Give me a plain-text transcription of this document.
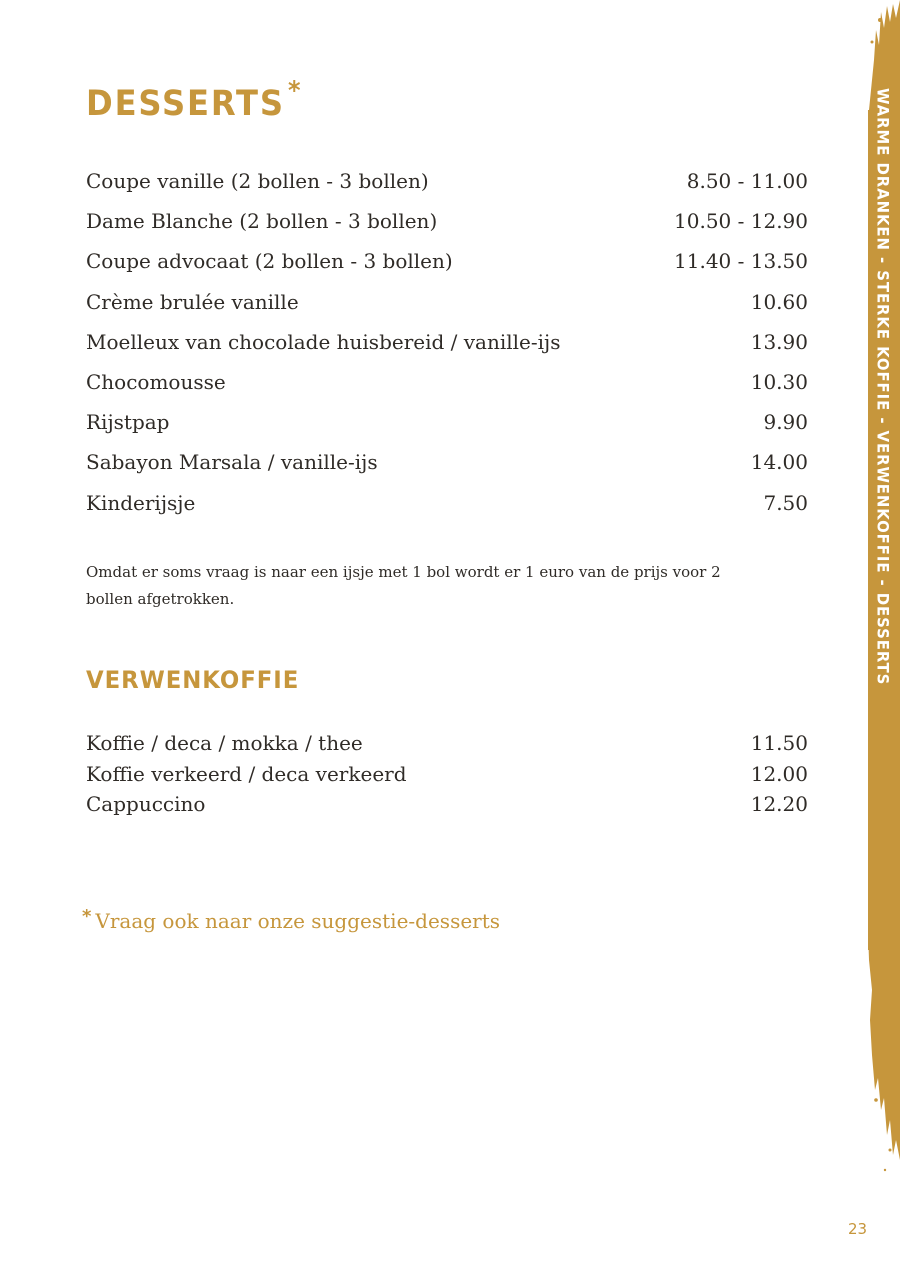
DESSERTS *
Coupe vanille (2 bollen - 3 bollen)	8.50 - 11.00
Dame Blanche (2 bollen - 3 bollen)	10.50 - 12.90
Coupe advocaat (2 bollen - 3 bollen)	11.40 - 13.50
Crème brulée vanille	10.60
Moelleux van chocolade huisbereid / vanille-ijs	13.90
Chocomousse	10.30
Rijstpap	9.90
Sabayon Marsala / vanille-ijs	14.00
Kinderijsje	7.50

Omdat er soms vraag is naar een ijsje met 1 bol wordt er 1 euro van de prijs voor 2 bollen afgetrokken.

VERWENKOFFIE
Koffie / deca / mokka / thee	11.50
Koffie verkeerd / deca verkeerd	12.00
Cappuccino	12.20

* Vraag ook naar onze suggestie-desserts

WARME DRANKEN - STERKE KOFFIE - VERWENKOFFIE - DESSERTS
23
